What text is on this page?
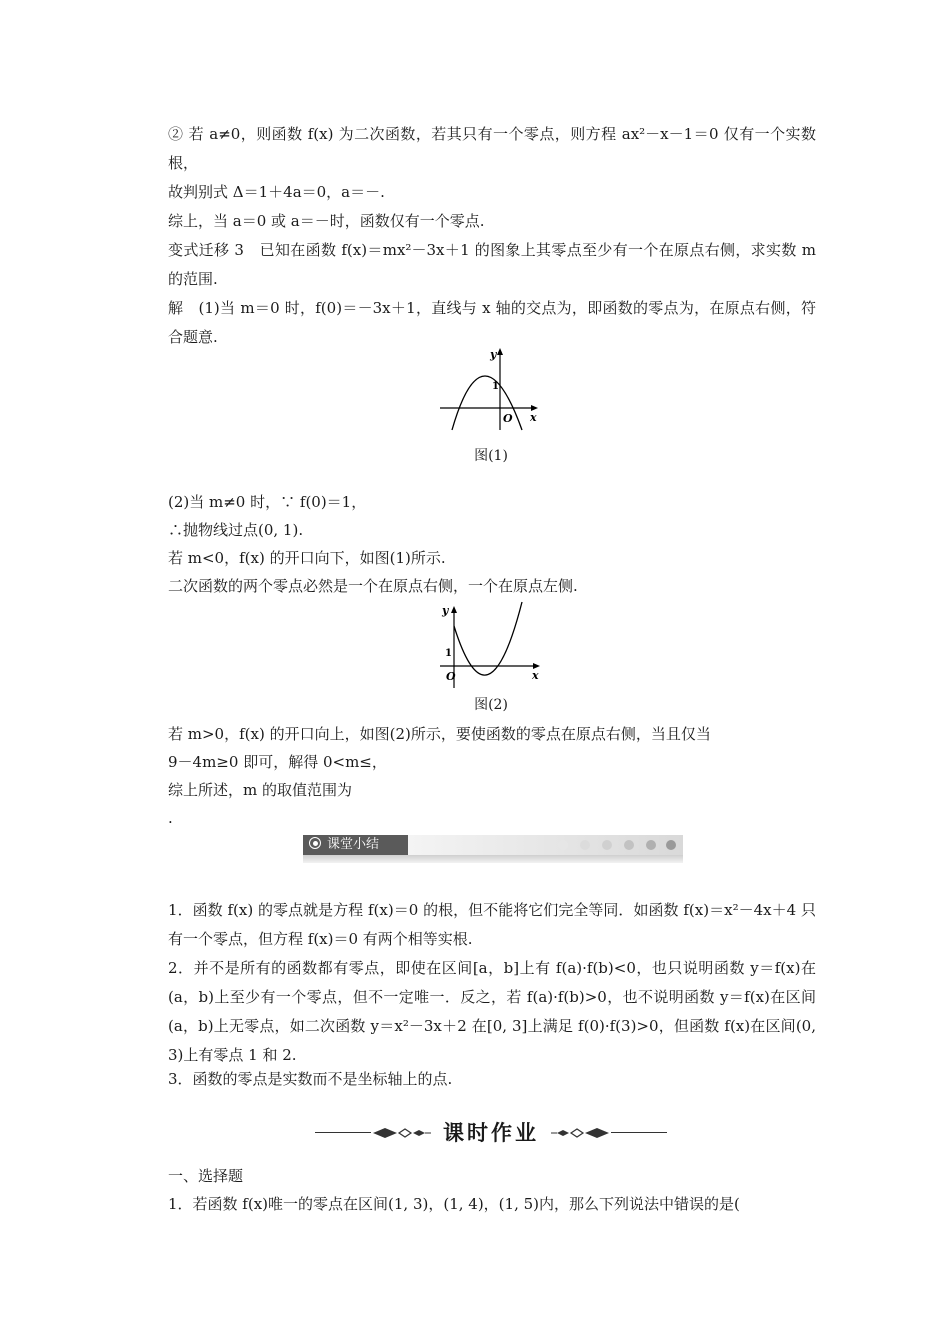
② 若 a≠0，则函数 f(x) 为二次函数，若其只有一个零点，则方程 ax²－x－1＝0 仅有一个实数根，

故判别式 Δ＝1＋4a＝0，a＝－.

综上，当 a＝0 或 a＝－时，函数仅有一个零点.

变式迁移 3　已知在函数 f(x)＝mx²－3x＋1 的图象上其零点至少有一个在原点右侧，求实数 m 的范围.

解　(1)当 m＝0 时，f(0)＝－3x＋1，直线与 x 轴的交点为，即函数的零点为，在原点右侧，符合题意.

y
1
O x
图(1)

(2)当 m≠0 时，∵ f(0)＝1，

∴抛物线过点(0, 1).

若 m<0，f(x) 的开口向下，如图(1)所示.

二次函数的两个零点必然是一个在原点右侧，一个在原点左侧.

y
1
O	x
图(2)

若 m>0，f(x) 的开口向上，如图(2)所示，要使函数的零点在原点右侧，当且仅当

9－4m≥0 即可，解得 0<m≤，

综上所述，m 的取值范围为

.

课堂小结

1．函数 f(x) 的零点就是方程 f(x)＝0 的根，但不能将它们完全等同．如函数 f(x)＝x²－4x＋4 只有一个零点，但方程 f(x)＝0 有两个相等实根.

2．并不是所有的函数都有零点，即使在区间[a，b]上有 f(a)·f(b)<0，也只说明函数 y＝f(x)在(a，b)上至少有一个零点，但不一定唯一．反之，若 f(a)·f(b)>0，也不说明函数 y＝f(x)在区间(a，b)上无零点，如二次函数 y＝x²－3x＋2 在[0, 3]上满足 f(0)·f(3)>0，但函数 f(x)在区间(0, 3)上有零点 1 和 2.

3．函数的零点是实数而不是坐标轴上的点.

课时作业

一、选择题

1．若函数 f(x)唯一的零点在区间(1, 3)，(1, 4)，(1, 5)内，那么下列说法中错误的是(
